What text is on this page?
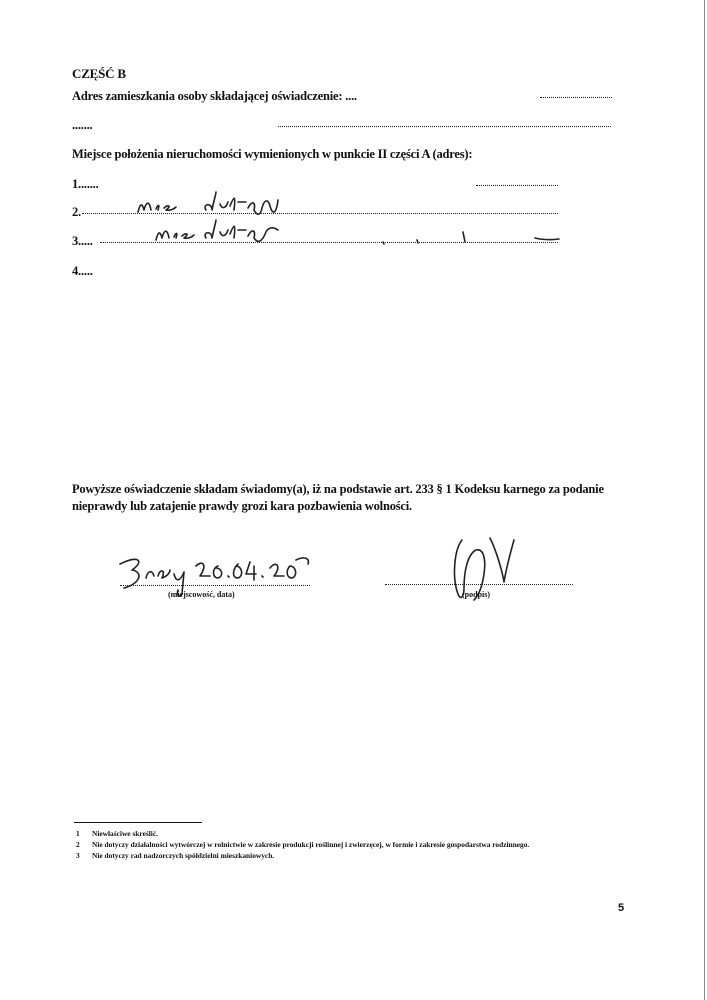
CZĘŚĆ B
Adres zamieszkania osoby składającej oświadczenie: ....
.......
Miejsce położenia nieruchomości wymienionych w punkcie II części A (adres):
1.......
2.
3.....
4.....
Powyższe oświadczenie składam świadomy(a), iż na podstawie art. 233 § 1 Kodeksu karnego za podanie
nieprawdy lub zatajenie prawdy grozi kara pozbawienia wolności.
(miejscowość, data)	(podpis)
1 Niewłaściwe skreślić.
2 Nie dotyczy działalności wytwórczej w rolnictwie w zakresie produkcji roślinnej i zwierzęcej, w formie i zakresie gospodarstwa rodzinnego.
3 Nie dotyczy rad nadzorczych spółdzielni mieszkaniowych.
5
